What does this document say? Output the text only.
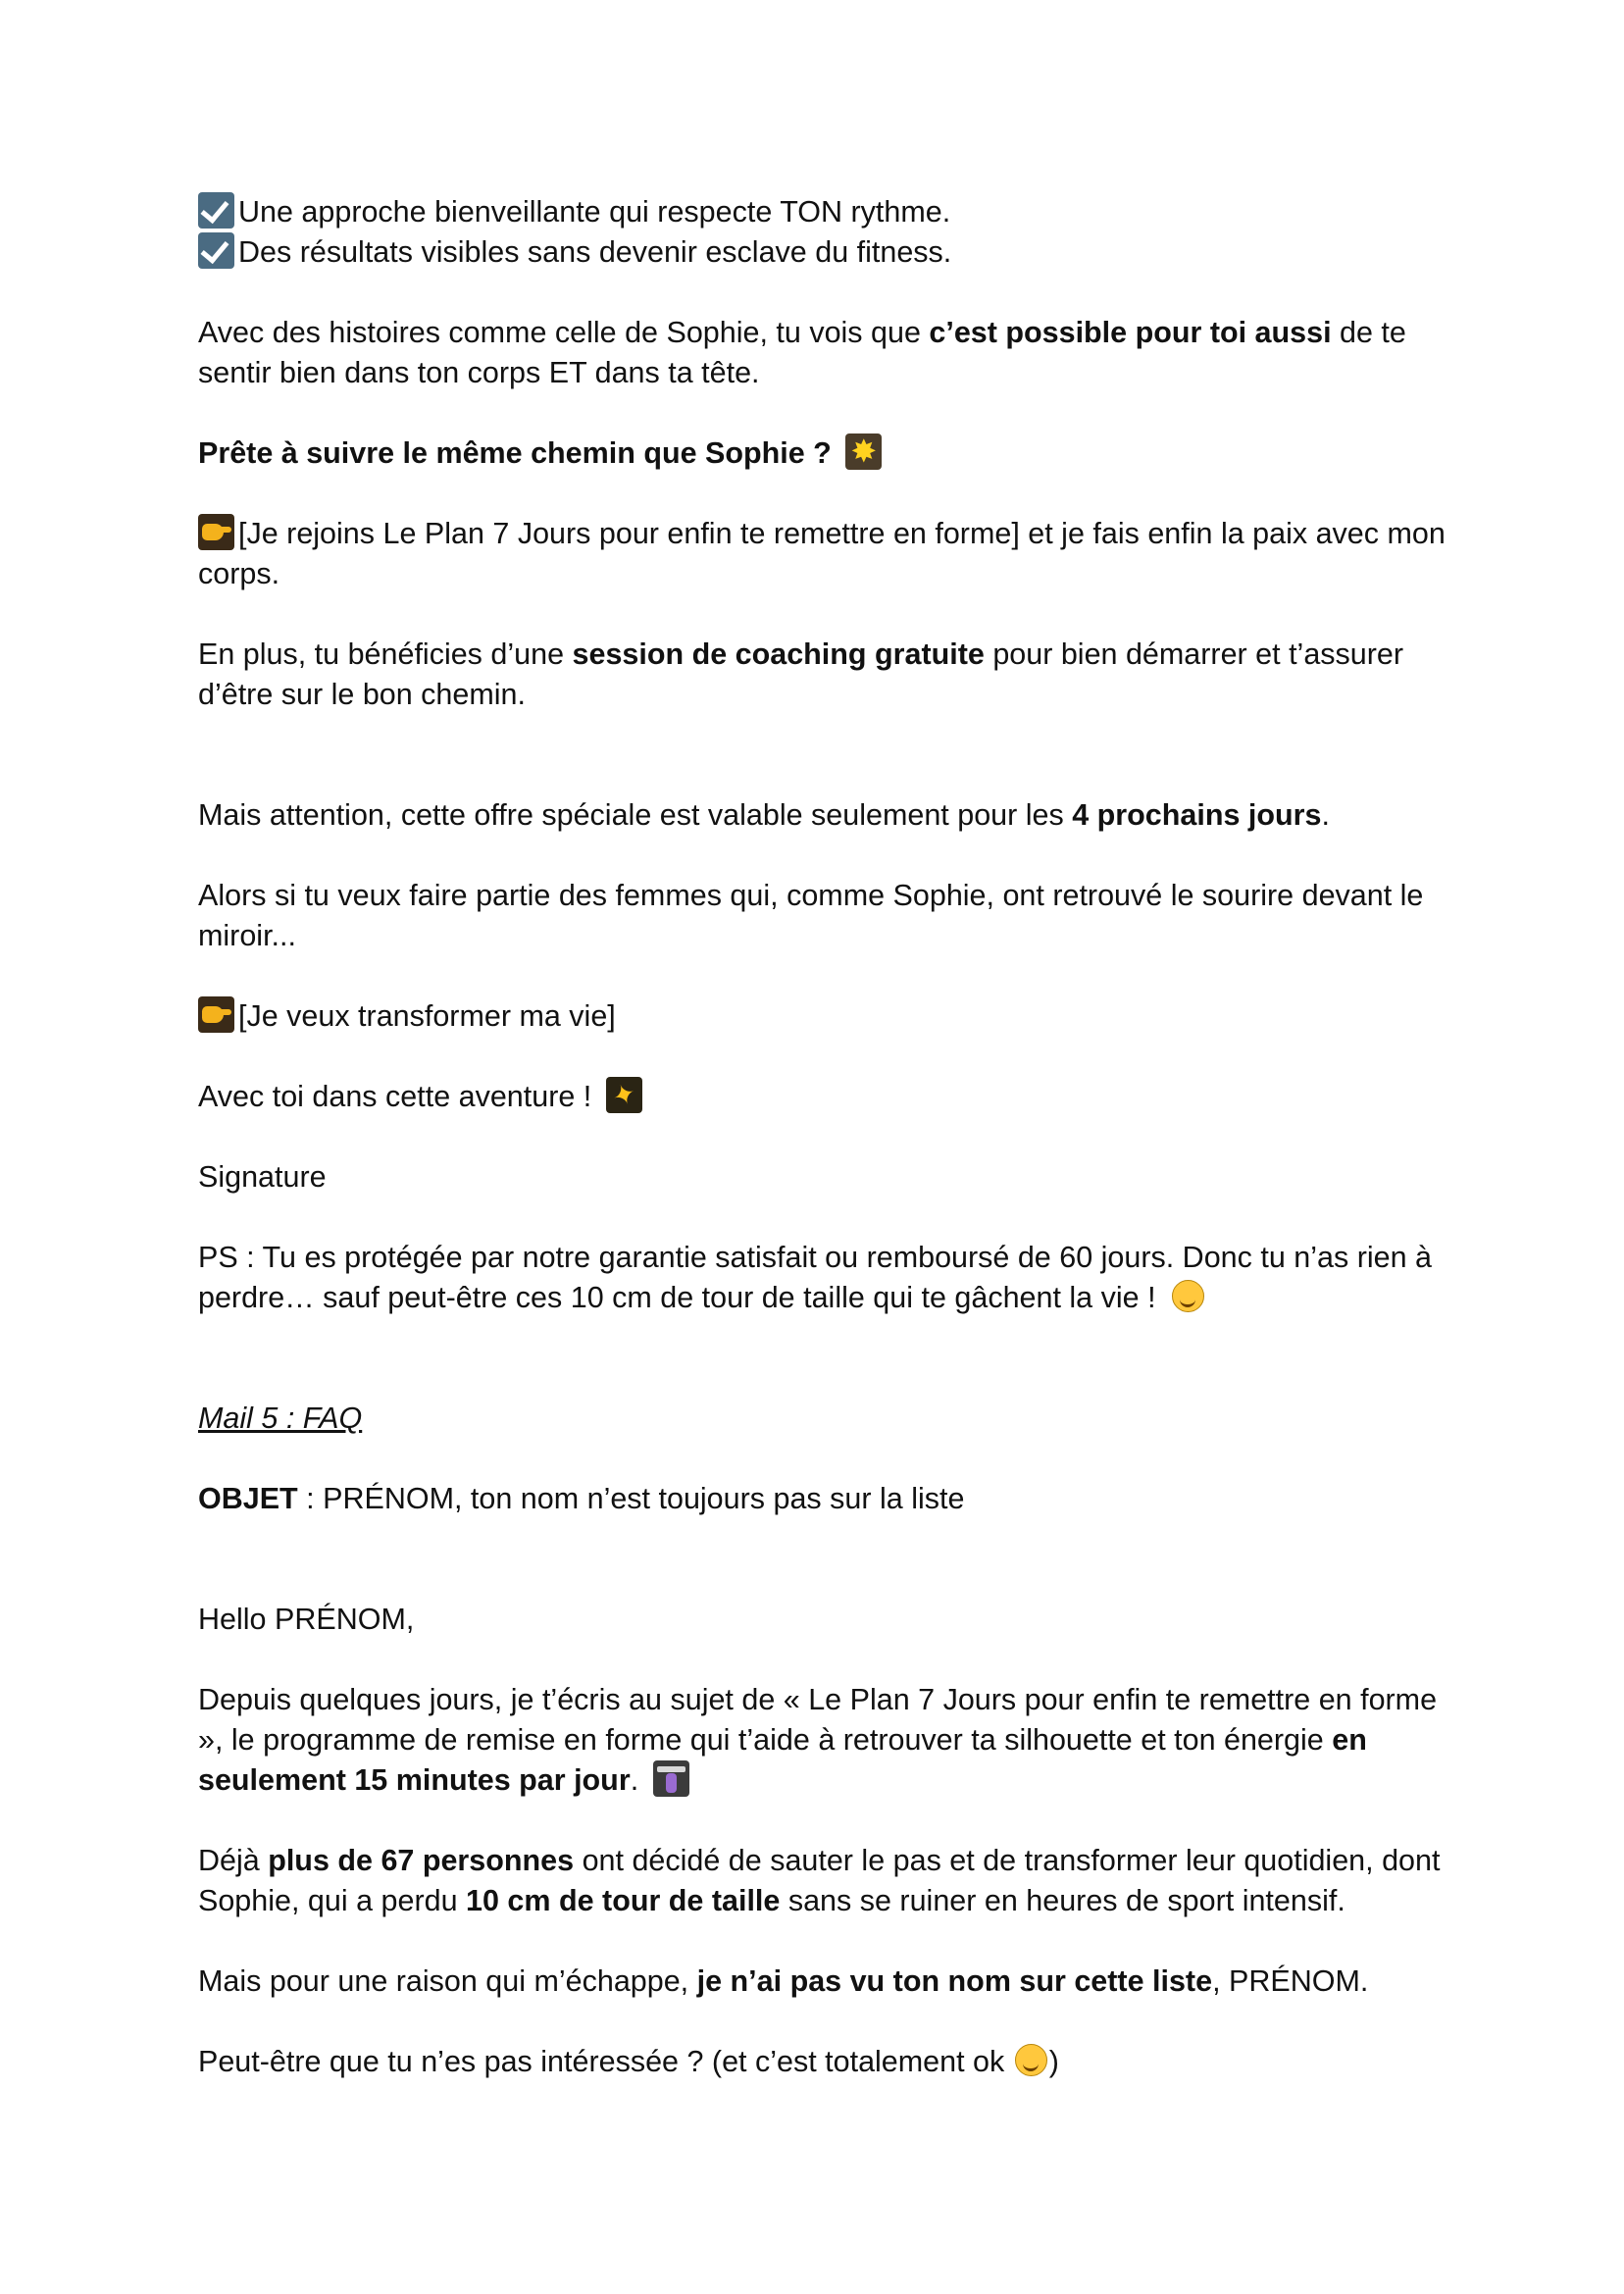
Une approche bienveillante qui respecte TON rythme.

Des résultats visibles sans devenir esclave du fitness.

Avec des histoires comme celle de Sophie, tu vois que c’est possible pour toi aussi de te sentir bien dans ton corps ET dans ta tête.

Prête à suivre le même chemin que Sophie ? ✸

[Je rejoins Le Plan 7 Jours pour enfin te remettre en forme] et je fais enfin la paix avec mon corps.

En plus, tu bénéficies d’une session de coaching gratuite pour bien démarrer et t’assurer d’être sur le bon chemin.

Mais attention, cette offre spéciale est valable seulement pour les 4 prochains jours.

Alors si tu veux faire partie des femmes qui, comme Sophie, ont retrouvé le sourire devant le miroir...

[Je veux transformer ma vie]

Avec toi dans cette aventure ! ✦

Signature

PS : Tu es protégée par notre garantie satisfait ou remboursé de 60 jours. Donc tu n’as rien à perdre… sauf peut-être ces 10 cm de tour de taille qui te gâchent la vie !

Mail 5 : FAQ

OBJET : PRÉNOM, ton nom n’est toujours pas sur la liste

Hello PRÉNOM,

Depuis quelques jours, je t’écris au sujet de « Le Plan 7 Jours pour enfin te remettre en forme », le programme de remise en forme qui t’aide à retrouver ta silhouette et ton énergie en seulement 15 minutes par jour.

Déjà plus de 67 personnes ont décidé de sauter le pas et de transformer leur quotidien, dont Sophie, qui a perdu 10 cm de tour de taille sans se ruiner en heures de sport intensif.

Mais pour une raison qui m’échappe, je n’ai pas vu ton nom sur cette liste, PRÉNOM.

Peut-être que tu n’es pas intéressée ? (et c’est totalement ok )
